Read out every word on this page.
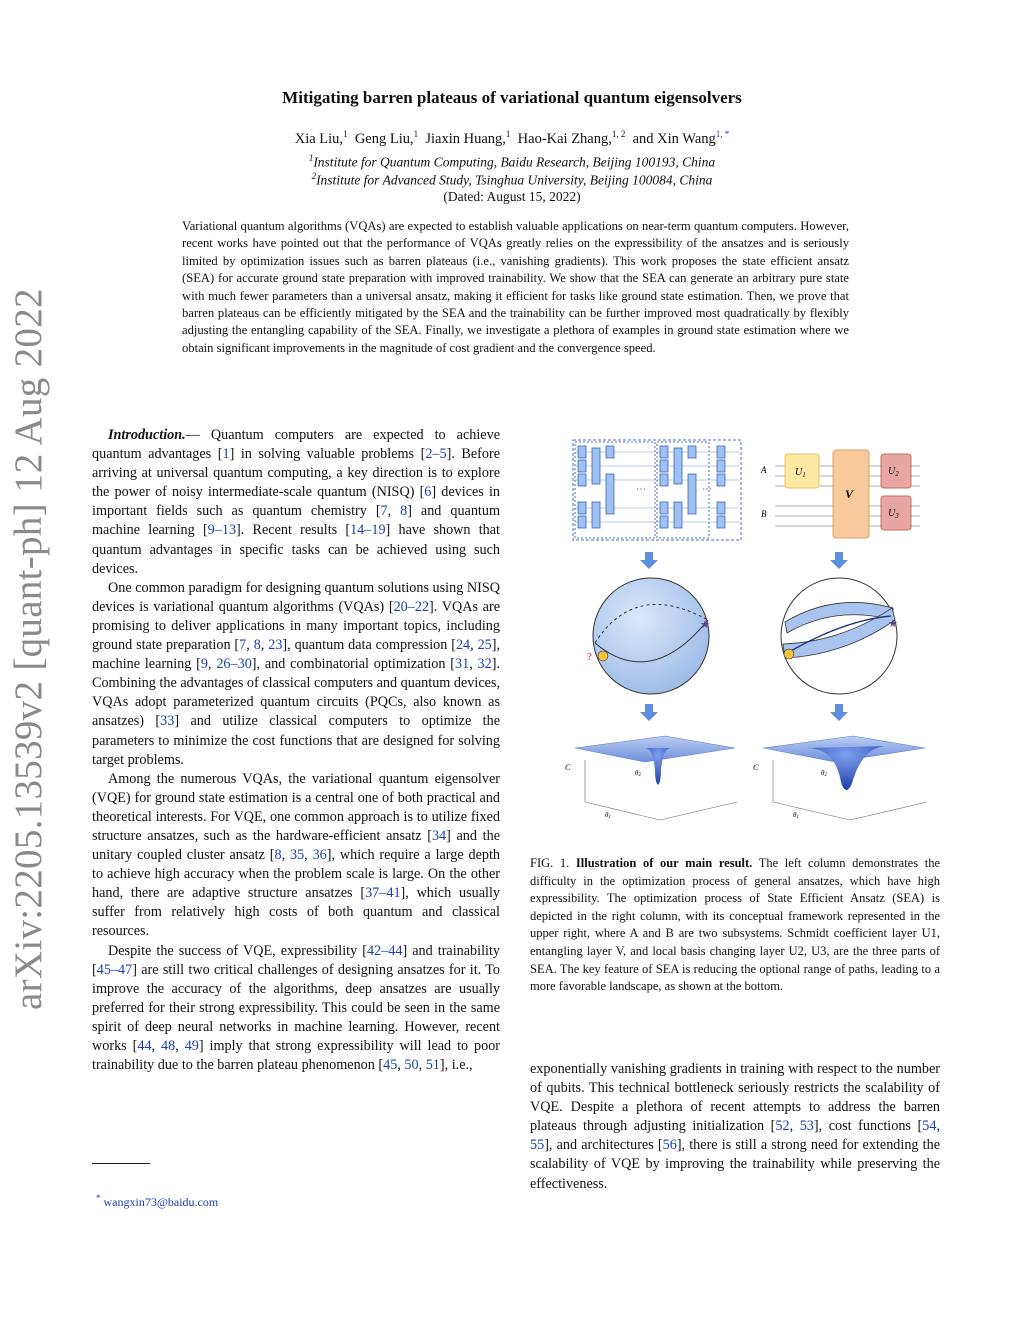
arXiv:2205.13539v2 [quant-ph] 12 Aug 2022
Mitigating barren plateaus of variational quantum eigensolvers
Xia Liu,$^1$ Geng Liu,$^1$ Jiaxin Huang,$^1$ Hao-Kai Zhang,$^{1, 2}$ and Xin Wang$^{1, *}$
$^1$Institute for Quantum Computing, Baidu Research, Beijing 100193, China
$^2$Institute for Advanced Study, Tsinghua University, Beijing 100084, China
(Dated: August 15, 2022)
Variational quantum algorithms (VQAs) are expected to establish valuable applications on near-term quantum computers. However, recent works have pointed out that the performance of VQAs greatly relies on the expressibility of the ansatzes and is seriously limited by optimization issues such as barren plateaus (i.e., vanishing gradients). This work proposes the state efficient ansatz (SEA) for accurate ground state preparation with improved trainability. We show that the SEA can generate an arbitrary pure state with much fewer parameters than a universal ansatz, making it efficient for tasks like ground state estimation. Then, we prove that barren plateaus can be efficiently mitigated by the SEA and the trainability can be further improved most quadratically by flexibly adjusting the entangling capability of the SEA. Finally, we investigate a plethora of examples in ground state estimation where we obtain significant improvements in the magnitude of cost gradient and the convergence speed.

Introduction.— Quantum computers are expected to achieve quantum advantages [1] in solving valuable problems [2–5]. Before arriving at universal quantum computing, a key direction is to explore the power of noisy intermediate-scale quantum (NISQ) [6] devices in important fields such as quantum chemistry [7, 8] and quantum machine learning [9–13]. Recent results [14–19] have shown that quantum advantages in specific tasks can be achieved using such devices.

One common paradigm for designing quantum solutions using NISQ devices is variational quantum algorithms (VQAs) [20–22]. VQAs are promising to deliver applications in many important topics, including ground state preparation [7, 8, 23], quantum data compression [24, 25], machine learning [9, 26–30], and combinatorial optimization [31, 32]. Combining the advantages of classical computers and quantum devices, VQAs adopt parameterized quantum circuits (PQCs, also known as ansatzes) [33] and utilize classical computers to optimize the parameters to minimize the cost functions that are designed for solving target problems.

Among the numerous VQAs, the variational quantum eigensolver (VQE) for ground state estimation is a central one of both practical and theoretical interests. For VQE, one common approach is to utilize fixed structure ansatzes, such as the hardware-efficient ansatz [34] and the unitary coupled cluster ansatz [8, 35, 36], which require a large depth to achieve high accuracy when the problem scale is large. On the other hand, there are adaptive structure ansatzes [37–41], which usually suffer from relatively high costs of both quantum and classical resources.

Despite the success of VQE, expressibility [42–44] and trainability [45–47] are still two critical challenges of designing ansatzes for it. To improve the accuracy of the algorithms, deep ansatzes are usually preferred for their strong expressibility. This could be seen in the same spirit of deep neural networks in machine learning. However, recent works [44, 48, 49] imply that strong expressibility will lead to poor trainability due to the barren plateau phenomenon [45, 50, 51], i.e.,

* wangxin73@baidu.com
⋯	⋯
A
B
$U_1$
V
$U_2$
$U_3$
★
?
★
C
θ2
θ1
C
θ2
θ1
FIG. 1. Illustration of our main result. The left column demonstrates the difficulty in the optimization process of general ansatzes, which have high expressibility. The optimization process of State Efficient Ansatz (SEA) is depicted in the right column, with its conceptual framework represented in the upper right, where A and B are two subsystems. Schmidt coefficient layer U1, entangling layer V, and local basis changing layer U2, U3, are the three parts of SEA. The key feature of SEA is reducing the optional range of paths, leading to a more favorable landscape, as shown at the bottom.

exponentially vanishing gradients in training with respect to the number of qubits. This technical bottleneck seriously restricts the scalability of VQE. Despite a plethora of recent attempts to address the barren plateaus through adjusting initialization [52, 53], cost functions [54, 55], and architectures [56], there is still a strong need for extending the scalability of VQE by improving the trainability while preserving the effectiveness.
